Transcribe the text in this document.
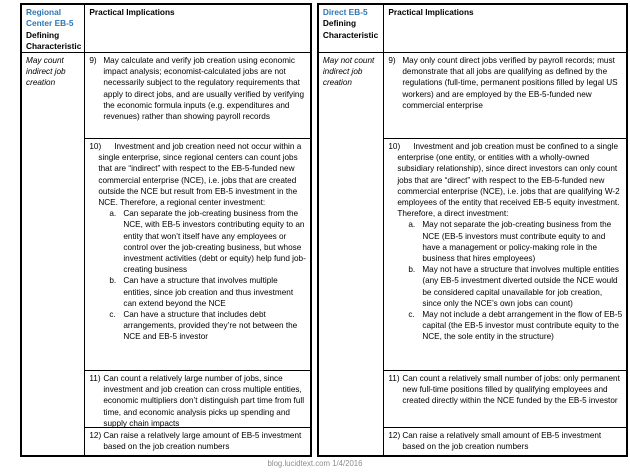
Regional Center EB-5
Defining Characteristic	Practical Implications

May count indirect job creation	9) May calculate and verify job creation using economic impact analysis; economist-calculated jobs are not necessarily subject to the regulatory requirements that apply to direct jobs, and are usually verified by verifying the economic formula inputs (e.g. expenditures and revenues) rather than showing payroll records

10) Investment and job creation need not occur within a single enterprise, since regional centers can count jobs that are “indirect” with respect to the EB-5-funded new commercial enterprise (NCE), i.e. jobs that are created outside the NCE but result from EB-5 investment in the NCE. Therefore, a regional center investment:
a. Can separate the job-creating business from the NCE, with EB-5 investors contributing equity to an entity that won’t itself have any employees or control over the job-creating business, but whose investment activities (debt or equity) help fund job-creating business
b. Can have a structure that involves multiple entities, since job creation and thus investment can extend beyond the NCE
c. Can have a structure that includes debt arrangements, provided they’re not between the NCE and EB-5 investor

	11) Can count a relatively large number of jobs, since investment and job creation can cross multiple entities, economic multipliers don’t distinguish part time from full time, and economic analysis picks up spending and supply chain impacts

	12) Can raise a relatively large amount of EB-5 investment based on the job creation numbers
Direct EB-5
Defining Characteristic	Practical Implications

May not count indirect job creation	9) May only count direct jobs verified by payroll records; must demonstrate that all jobs are qualifying as defined by the regulations (full-time, permanent positions filled by legal US workers) and are employed by the EB-5-funded new commercial enterprise

10) Investment and job creation must be confined to a single enterprise (one entity, or entities with a wholly-owned subsidiary relationship), since direct investors can only count jobs that are “direct” with respect to the EB-5-funded new commercial enterprise (NCE), i.e. jobs that are qualifying W-2 employees of the entity that received EB-5 equity investment. Therefore, a direct investment:
a. May not separate the job-creating business from the NCE (EB-5 investors must contribute equity to and have a management or policy-making role in the business that hires employees)
b. May not have a structure that involves multiple entities (any EB-5 investment diverted outside the NCE would be considered capital unavailable for job creation, since only the NCE’s own jobs can count)
c. May not include a debt arrangement in the flow of EB-5 capital (the EB-5 investor must contribute equity to the NCE, the sole entity in the structure)

	11) Can count a relatively small number of jobs: only permanent new full-time positions filled by qualifying employees and created directly within the NCE funded by the EB-5 investor

	12) Can raise a relatively small amount of EB-5 investment based on the job creation numbers
blog.lucidtext.com 1/4/2016
